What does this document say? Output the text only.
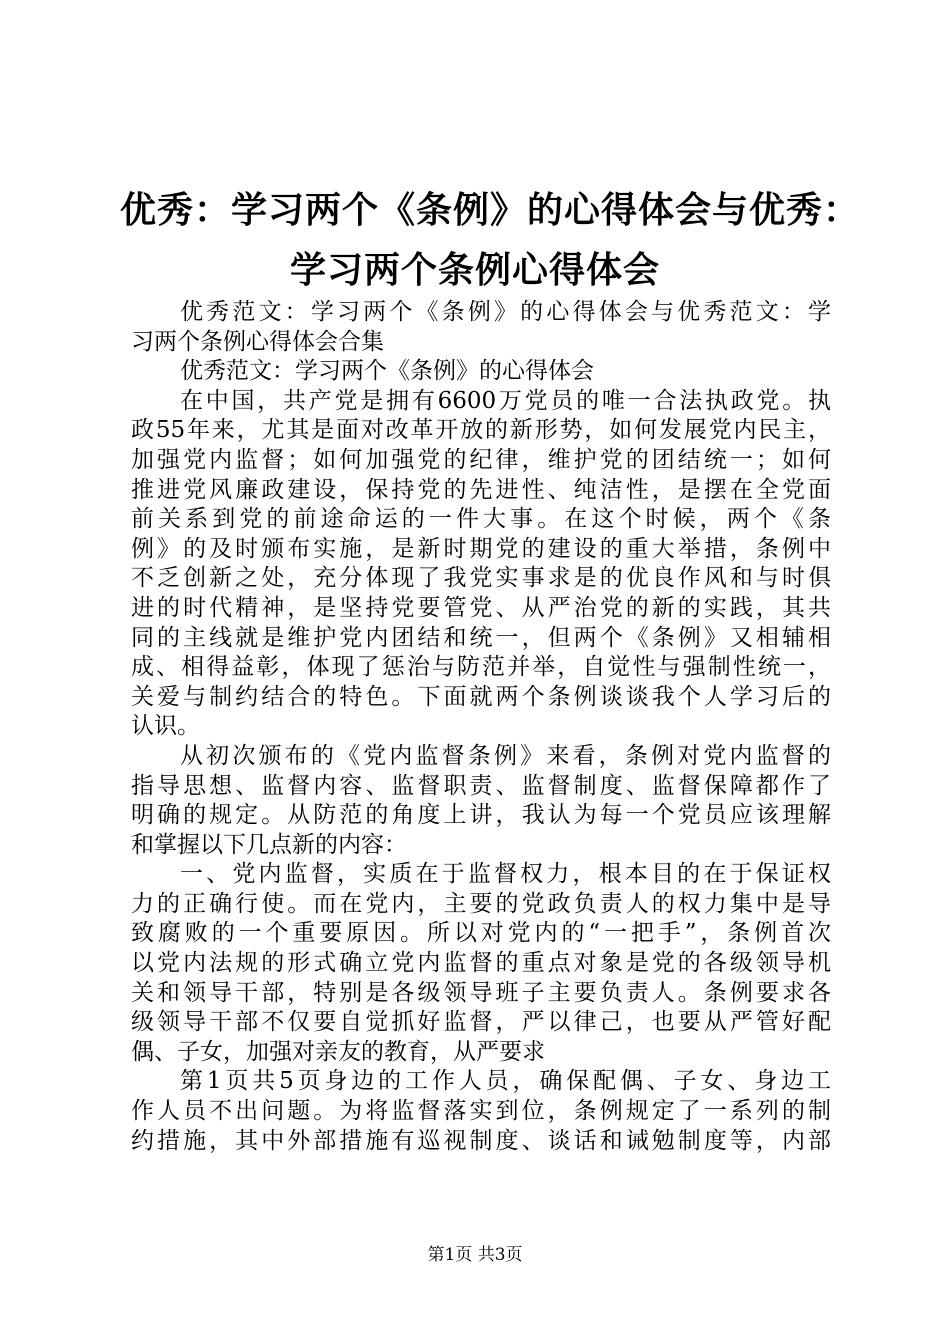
优秀：学习两个《条例》的心得体会与优秀：
学习两个条例心得体会
优秀范文：学习两个《条例》的心得体会与优秀范文：学
习两个条例心得体会合集
优秀范文：学习两个《条例》的心得体会
在中国，共产党是拥有6600万党员的唯一合法执政党。执
政55年来，尤其是面对改革开放的新形势，如何发展党内民主，
加强党内监督；如何加强党的纪律，维护党的团结统一；如何
推进党风廉政建设，保持党的先进性、纯洁性，是摆在全党面
前关系到党的前途命运的一件大事。在这个时候，两个《条
例》的及时颁布实施，是新时期党的建设的重大举措，条例中
不乏创新之处，充分体现了我党实事求是的优良作风和与时俱
进的时代精神，是坚持党要管党、从严治党的新的实践，其共
同的主线就是维护党内团结和统一，但两个《条例》又相辅相
成、相得益彰，体现了惩治与防范并举，自觉性与强制性统一，
关爱与制约结合的特色。下面就两个条例谈谈我个人学习后的
认识。
从初次颁布的《党内监督条例》来看，条例对党内监督的
指导思想、监督内容、监督职责、监督制度、监督保障都作了
明确的规定。从防范的角度上讲，我认为每一个党员应该理解
和掌握以下几点新的内容：
一、党内监督，实质在于监督权力，根本目的在于保证权
力的正确行使。而在党内，主要的党政负责人的权力集中是导
致腐败的一个重要原因。所以对党内的“一把手”，条例首次
以党内法规的形式确立党内监督的重点对象是党的各级领导机
关和领导干部，特别是各级领导班子主要负责人。条例要求各
级领导干部不仅要自觉抓好监督，严以律己，也要从严管好配
偶、子女，加强对亲友的教育，从严要求
第1页共5页身边的工作人员，确保配偶、子女、身边工
作人员不出问题。为将监督落实到位，条例规定了一系列的制
约措施，其中外部措施有巡视制度、谈话和诫勉制度等，内部
第1页 共3页
